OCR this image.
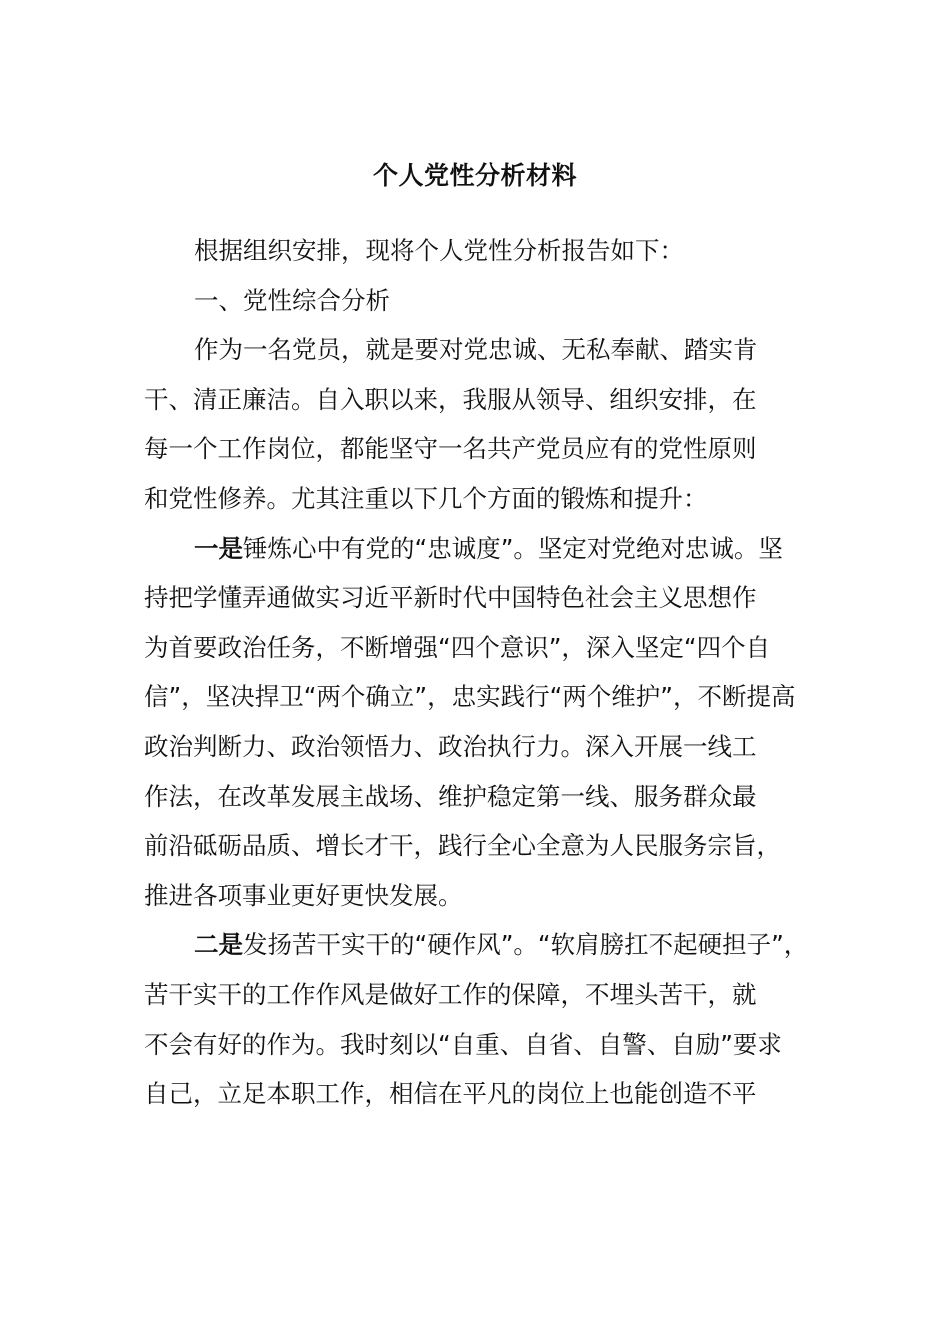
个人党性分析材料
根据组织安排，现将个人党性分析报告如下：
一、党性综合分析
作为一名党员，就是要对党忠诚、无私奉献、踏实肯
干、清正廉洁。自入职以来，我服从领导、组织安排，在
每一个工作岗位，都能坚守一名共产党员应有的党性原则
和党性修养。尤其注重以下几个方面的锻炼和提升：
一是锤炼心中有党的“忠诚度”。坚定对党绝对忠诚。坚
持把学懂弄通做实习近平新时代中国特色社会主义思想作
为首要政治任务，不断增强“四个意识”，深入坚定“四个自
信”，坚决捍卫“两个确立”，忠实践行“两个维护”，不断提高
政治判断力、政治领悟力、政治执行力。深入开展一线工
作法，在改革发展主战场、维护稳定第一线、服务群众最
前沿砥砺品质、增长才干，践行全心全意为人民服务宗旨，
推进各项事业更好更快发展。
二是发扬苦干实干的“硬作风”。“软肩膀扛不起硬担子”，
苦干实干的工作作风是做好工作的保障，不埋头苦干，就
不会有好的作为。我时刻以“自重、自省、自警、自励”要求
自己，立足本职工作，相信在平凡的岗位上也能创造不平
